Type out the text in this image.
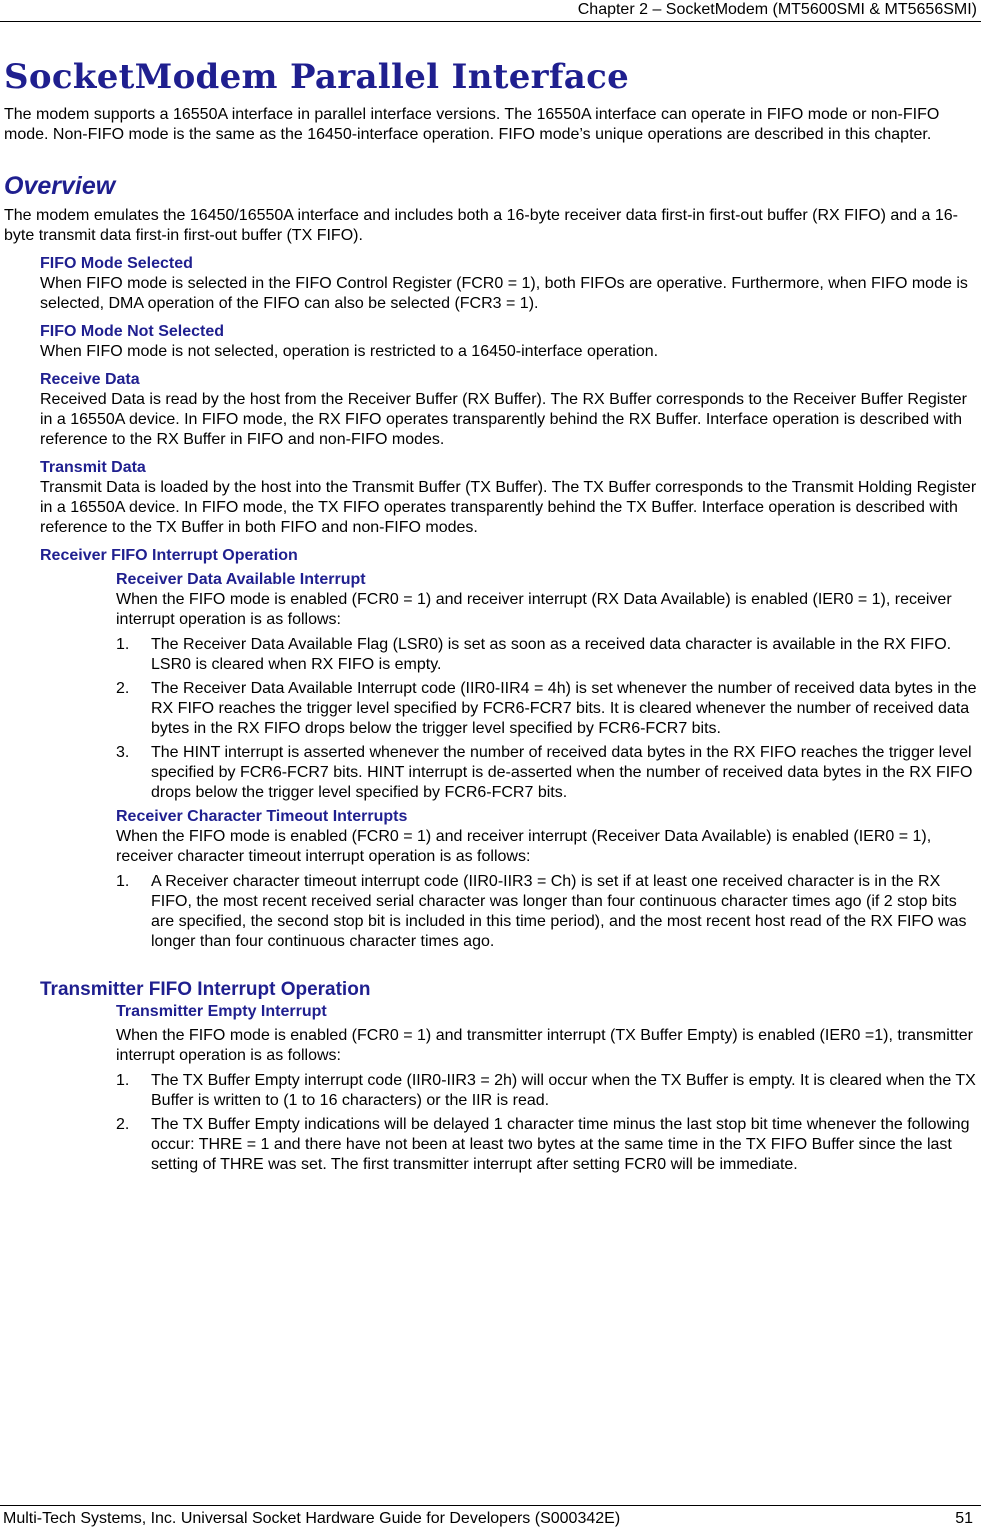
Chapter 2 – SocketModem (MT5600SMI & MT5656SMI)
SocketModem Parallel Interface

The modem supports a 16550A interface in parallel interface versions. The 16550A interface can operate in FIFO mode or non-FIFO mode. Non-FIFO mode is the same as the 16450-interface operation. FIFO mode’s unique operations are described in this chapter.

Overview

The modem emulates the 16450/16550A interface and includes both a 16-byte receiver data first-in first-out buffer (RX FIFO) and a 16-byte transmit data first-in first-out buffer (TX FIFO).

FIFO Mode Selected

When FIFO mode is selected in the FIFO Control Register (FCR0 = 1), both FIFOs are operative. Furthermore, when FIFO mode is selected, DMA operation of the FIFO can also be selected (FCR3 = 1).

FIFO Mode Not Selected

When FIFO mode is not selected, operation is restricted to a 16450-interface operation.

Receive Data

Received Data is read by the host from the Receiver Buffer (RX Buffer). The RX Buffer corresponds to the Receiver Buffer Register in a 16550A device. In FIFO mode, the RX FIFO operates transparently behind the RX Buffer. Interface operation is described with reference to the RX Buffer in FIFO and non-FIFO modes.

Transmit Data

Transmit Data is loaded by the host into the Transmit Buffer (TX Buffer). The TX Buffer corresponds to the Transmit Holding Register in a 16550A device. In FIFO mode, the TX FIFO operates transparently behind the TX Buffer. Interface operation is described with reference to the TX Buffer in both FIFO and non-FIFO modes.

Receiver FIFO Interrupt Operation
Receiver Data Available Interrupt

When the FIFO mode is enabled (FCR0 = 1) and receiver interrupt (RX Data Available) is enabled (IER0 = 1), receiver interrupt operation is as follows:

1. The Receiver Data Available Flag (LSR0) is set as soon as a received data character is available in the RX FIFO. LSR0 is cleared when RX FIFO is empty.
2. The Receiver Data Available Interrupt code (IIR0-IIR4 = 4h) is set whenever the number of received data bytes in the RX FIFO reaches the trigger level specified by FCR6-FCR7 bits. It is cleared whenever the number of received data bytes in the RX FIFO drops below the trigger level specified by FCR6-FCR7 bits.
3. The HINT interrupt is asserted whenever the number of received data bytes in the RX FIFO reaches the trigger level specified by FCR6-FCR7 bits. HINT interrupt is de-asserted when the number of received data bytes in the RX FIFO drops below the trigger level specified by FCR6-FCR7 bits.
Receiver Character Timeout Interrupts

When the FIFO mode is enabled (FCR0 = 1) and receiver interrupt (Receiver Data Available) is enabled (IER0 = 1), receiver character timeout interrupt operation is as follows:

1. A Receiver character timeout interrupt code (IIR0-IIR3 = Ch) is set if at least one received character is in the RX FIFO, the most recent received serial character was longer than four continuous character times ago (if 2 stop bits are specified, the second stop bit is included in this time period), and the most recent host read of the RX FIFO was longer than four continuous character times ago.
Transmitter FIFO Interrupt Operation
Transmitter Empty Interrupt

When the FIFO mode is enabled (FCR0 = 1) and transmitter interrupt (TX Buffer Empty) is enabled (IER0 =1), transmitter interrupt operation is as follows:

1. The TX Buffer Empty interrupt code (IIR0-IIR3 = 2h) will occur when the TX Buffer is empty. It is cleared when the TX Buffer is written to (1 to 16 characters) or the IIR is read.
2. The TX Buffer Empty indications will be delayed 1 character time minus the last stop bit time whenever the following occur: THRE = 1 and there have not been at least two bytes at the same time in the TX FIFO Buffer since the last setting of THRE was set. The first transmitter interrupt after setting FCR0 will be immediate.
Multi-Tech Systems, Inc. Universal Socket Hardware Guide for Developers (S000342E)	51
